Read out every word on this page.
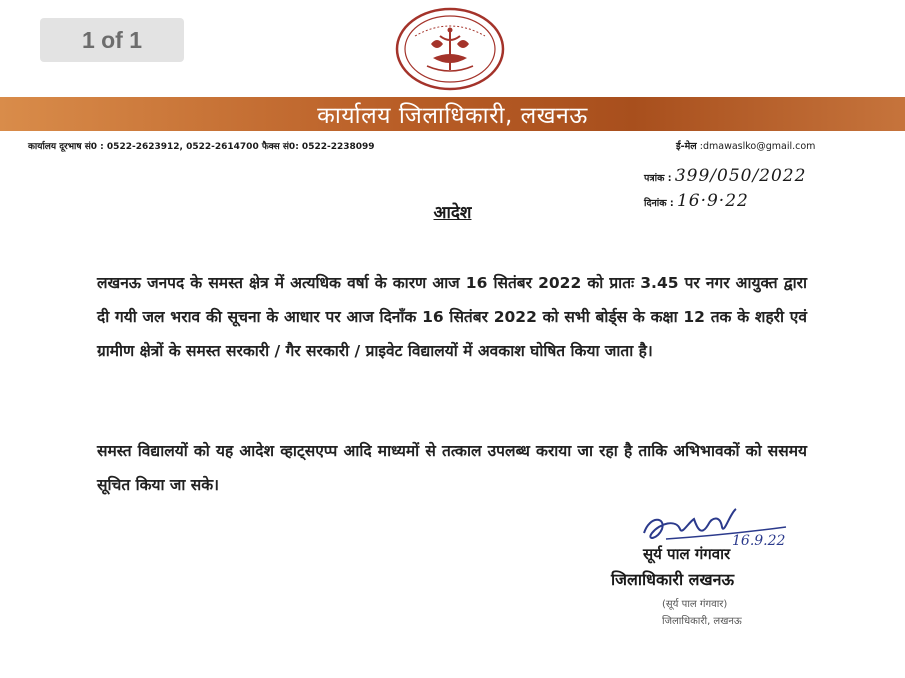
1 of 1
कार्यालय जिलाधिकारी, लखनऊ
कार्यालय दूरभाष सं0 : 0522-2623912, 0522-2614700 फैक्स सं0: 0522-2238099	ई-मेल :dmawaslko@gmail.com
पत्रांक : 399/050/2022
दिनांक : 16·9·22
आदेश
लखनऊ जनपद के समस्त क्षेत्र में अत्यधिक वर्षा के कारण आज 16 सितंबर 2022 को प्रातः 3.45 पर नगर आयुक्त द्वारा दी गयी जल भराव की सूचना के आधार पर आज दिनाँक 16 सितंबर 2022 को सभी बोर्ड्स के कक्षा 12 तक के शहरी एवं ग्रामीण क्षेत्रों के समस्त सरकारी / गैर सरकारी / प्राइवेट विद्यालयों में अवकाश घोषित किया जाता है।
समस्त विद्यालयों को यह आदेश व्हाट्सएप्प आदि माध्यमों से तत्काल उपलब्ध कराया जा रहा है ताकि अभिभावकों को ससमय सूचित किया जा सके।
16.9.22
सूर्य पाल गंगवार
जिलाधिकारी लखनऊ
(सूर्य पाल गंगवार)
जिलाधिकारी, लखनऊ
